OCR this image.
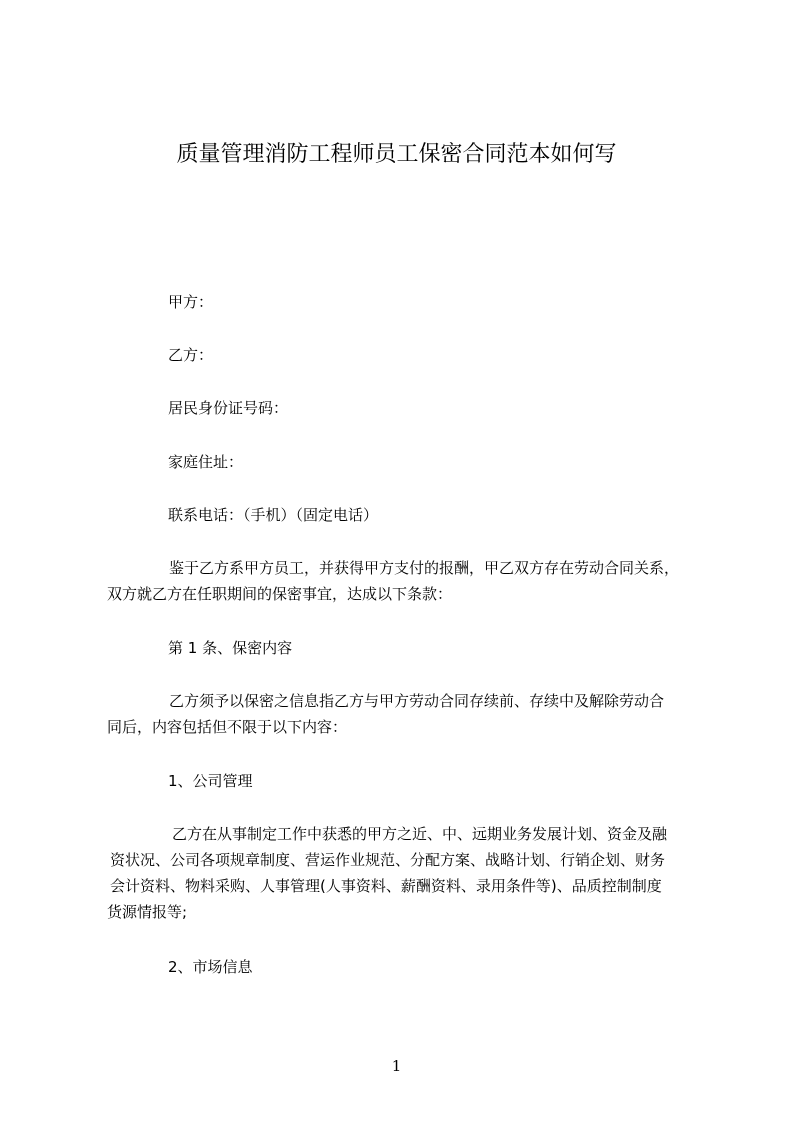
质量管理消防工程师员工保密合同范本如何写
甲方：
乙方：
居民身份证号码：
家庭住址：
联系电话：（手机）（固定电话）
鉴于乙方系甲方员工，并获得甲方支付的报酬，甲乙双方存在劳动合同关系，
双方就乙方在任职期间的保密事宜，达成以下条款：
第 1 条、保密内容
乙方须予以保密之信息指乙方与甲方劳动合同存续前、存续中及解除劳动合
同后，内容包括但不限于以下内容：
1、公司管理
乙方在从事制定工作中获悉的甲方之近、中、远期业务发展计划、资金及融
资状况、公司各项规章制度、营运作业规范、分配方案、战略计划、行销企划、财务
会计资料、物料采购、人事管理(人事资料、薪酬资料、录用条件等)、品质控制制度
货源情报等;
2、市场信息
1
